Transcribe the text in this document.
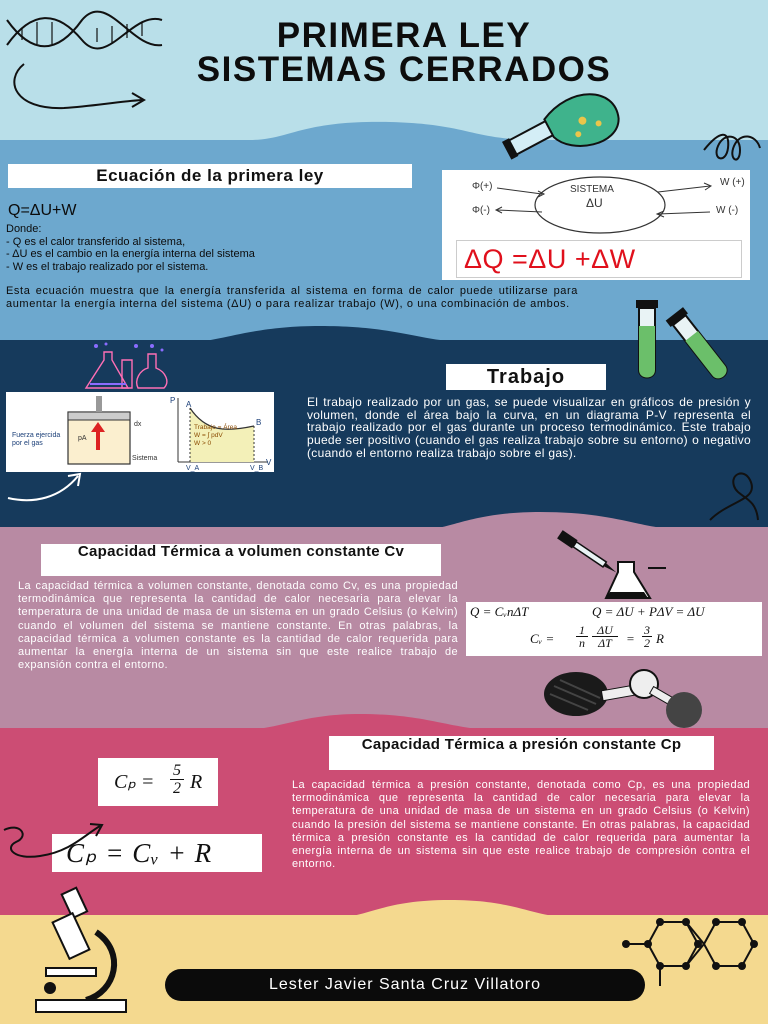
PRIMERA LEY
SISTEMAS CERRADOS
Ecuación de la primera ley
Q=ΔU+W
Donde:
- Q es el calor transferido al sistema,
- ΔU es el cambio en la energía interna del sistema
- W es el trabajo realizado por el sistema.
Esta ecuación muestra que la energía transferida al sistema en forma de calor puede utilizarse para aumentar la energía interna del sistema (ΔU) o para realizar trabajo (W), o una combinación de ambos.
SISTEMA
ΔU
Φ(+)
Φ(-)
W (+)
W (-)
ΔQ =ΔU +ΔW
Trabajo
El trabajo realizado por un gas, se puede visualizar en gráficos de presión y volumen, donde el área bajo la curva, en un diagrama P-V representa el trabajo realizado por el gas durante un proceso termodinámico. Este trabajo puede ser positivo (cuando el gas realiza trabajo sobre su entorno) o negativo (cuando el entorno realiza trabajo sobre el gas).
Fuerza ejercida por el gas
pA
dx
Sistema
P
V
A
B
V_A	V_B
Trabajo = Área
W = ∫ pdV
W > 0
Capacidad Térmica a volumen constante Cv
La capacidad térmica a volumen constante, denotada como Cv, es una propiedad termodinámica que representa la cantidad de calor necesaria para elevar la temperatura de una unidad de masa de un sistema en un grado Celsius (o Kelvin) cuando el volumen del sistema se mantiene constante. En otras palabras, la capacidad térmica a volumen constante es la cantidad de calor requerida para aumentar la energía interna de un sistema sin que este realice trabajo de expansión contra el entorno.
Q = CᵥnΔT	Q = ΔU + PΔV = ΔU
Cᵥ = $\frac{1}{n} \frac{\Delta U}{\Delta T} = \frac{3}{2}$ R
Capacidad Térmica a presión constante Cp
La capacidad térmica a presión constante, denotada como Cp, es una propiedad termodinámica que representa la cantidad de calor necesaria para elevar la temperatura de una unidad de masa de un sistema en un grado Celsius (o Kelvin) cuando la presión del sistema se mantiene constante. En otras palabras, la capacidad térmica a presión constante es la cantidad de calor requerida para aumentar la energía interna de un sistema sin que este realice trabajo de compresión contra el entorno.
$C_p = \frac{5}{2}$ R
Cₚ = Cᵥ + R
Lester Javier Santa Cruz Villatoro
